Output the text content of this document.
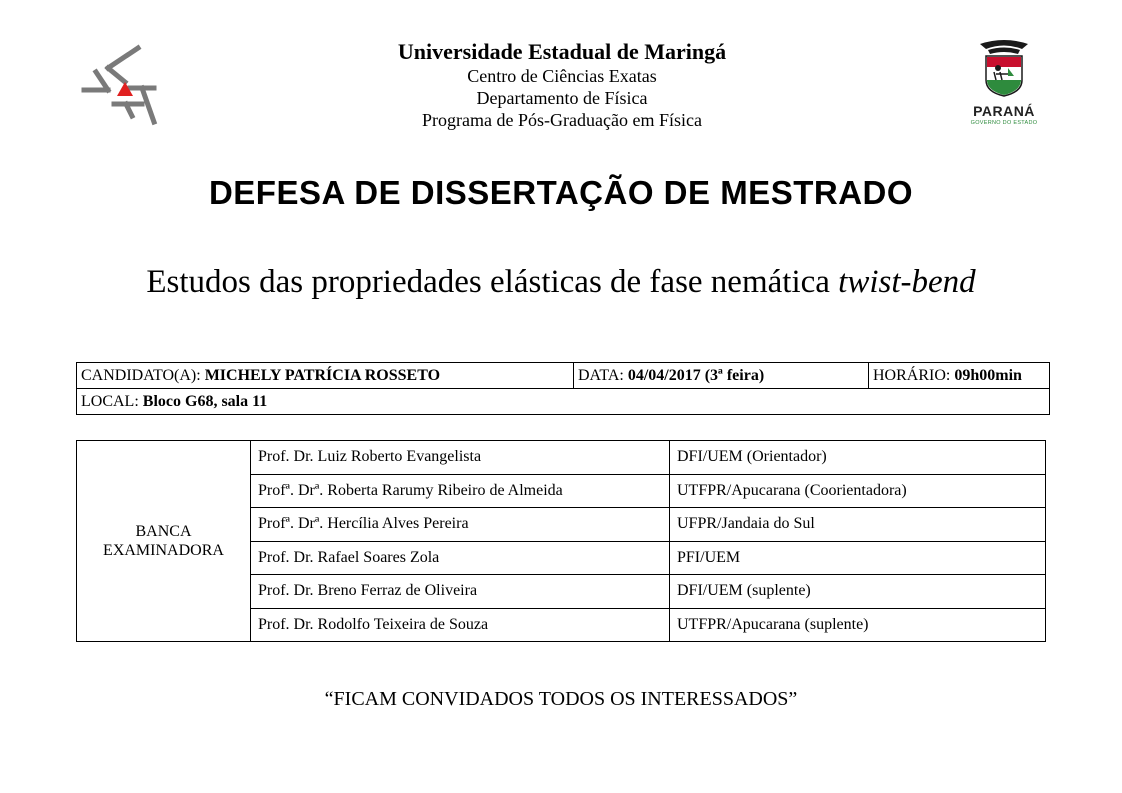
Universidade Estadual de Maringá
Centro de Ciências Exatas
Departamento de Física
Programa de Pós-Graduação em Física	PARANÁ
GOVERNO DO ESTADO
DEFESA DE DISSERTAÇÃO DE MESTRADO
Estudos das propriedades elásticas de fase nemática twist-bend
CANDIDATO(A): MICHELY PATRÍCIA ROSSETO	DATA: 04/04/2017 (3ª feira)	HORÁRIO: 09h00min
LOCAL: Bloco G68, sala 11
BANCA
EXAMINADORA	Prof. Dr. Luiz Roberto Evangelista	DFI/UEM (Orientador)
	Profª. Drª. Roberta Rarumy Ribeiro de Almeida	UTFPR/Apucarana (Coorientadora)
	Profª. Drª. Hercília Alves Pereira	UFPR/Jandaia do Sul
	Prof. Dr. Rafael Soares Zola	PFI/UEM
	Prof. Dr. Breno Ferraz de Oliveira	DFI/UEM (suplente)
	Prof. Dr. Rodolfo Teixeira de Souza	UTFPR/Apucarana (suplente)
“FICAM CONVIDADOS TODOS OS INTERESSADOS”
